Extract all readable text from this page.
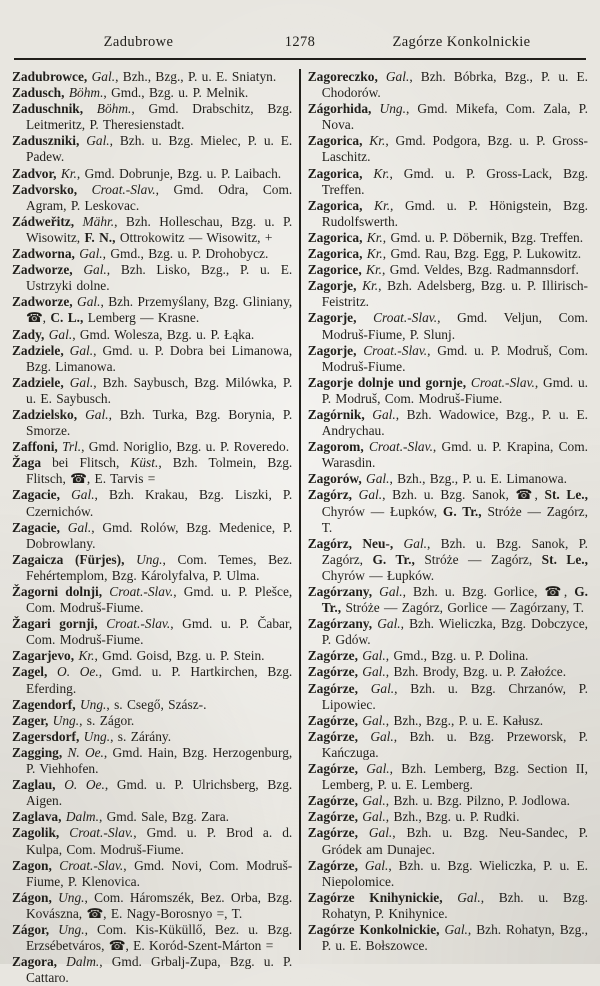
Zadubrowe	1278	Zagórze Konkolnickie
Zadubrowce, Gal., Bzh., Bzg., P. u. E. Sniatyn.
Zadusch, Böhm., Gmd., Bzg. u. P. Melnik.
Zaduschnik, Böhm., Gmd. Drabschitz, Bzg. Leitmeritz, P. Theresienstadt.
Zaduszniki, Gal., Bzh. u. Bzg. Mielec, P. u. E. Padew.
Zadvor, Kr., Gmd. Dobrunje, Bzg. u. P. Laibach.
Zadvorsko, Croat.-Slav., Gmd. Odra, Com. Agram, P. Leskovac.
Zádweřitz, Mähr., Bzh. Holleschau, Bzg. u. P. Wisowitz, F. N., Ottrokowitz — Wisowitz, +
Zadworna, Gal., Gmd., Bzg. u. P. Drohobycz.
Zadworze, Gal., Bzh. Lisko, Bzg., P. u. E. Ustrzyki dolne.
Zadworze, Gal., Bzh. Przemyślany, Bzg. Gliniany, ☎, C. L., Lemberg — Krasne.
Zady, Gal., Gmd. Wolesza, Bzg. u. P. Łąka.
Zadziele, Gal., Gmd. u. P. Dobra bei Limanowa, Bzg. Limanowa.
Zadziele, Gal., Bzh. Saybusch, Bzg. Milówka, P. u. E. Saybusch.
Zadzielsko, Gal., Bzh. Turka, Bzg. Borynia, P. Smorze.
Zaffoni, Trl., Gmd. Noriglio, Bzg. u. P. Roveredo.
Žaga bei Flitsch, Küst., Bzh. Tolmein, Bzg. Flitsch, ☎, E. Tarvis =
Zagacie, Gal., Bzh. Krakau, Bzg. Liszki, P. Czernichów.
Zagacie, Gal., Gmd. Rolów, Bzg. Medenice, P. Dobrowlany.
Zagaicza (Fürjes), Ung., Com. Temes, Bez. Fehértemplom, Bzg. Károlyfalva, P. Ulma.
Žagorni dolnji, Croat.-Slav., Gmd. u. P. Plešce, Com. Modruš-Fiume.
Žagari gornji, Croat.-Slav., Gmd. u. P. Čabar, Com. Modruš-Fiume.
Zagarjevo, Kr., Gmd. Goisd, Bzg. u. P. Stein.
Zagel, O. Oe., Gmd. u. P. Hartkirchen, Bzg. Eferding.
Zagendorf, Ung., s. Csegő, Szász-.
Zager, Ung., s. Zágor.
Zagersdorf, Ung., s. Zárány.
Zagging, N. Oe., Gmd. Hain, Bzg. Herzogenburg, P. Viehhofen.
Zaglau, O. Oe., Gmd. u. P. Ulrichsberg, Bzg. Aigen.
Zaglava, Dalm., Gmd. Sale, Bzg. Zara.
Zagolik, Croat.-Slav., Gmd. u. P. Brod a. d. Kulpa, Com. Modruš-Fiume.
Zagon, Croat.-Slav., Gmd. Novi, Com. Modruš-Fiume, P. Klenovica.
Zágon, Ung., Com. Háromszék, Bez. Orba, Bzg. Kovászna, ☎, E. Nagy-Borosnyo =, T.
Zágor, Ung., Com. Kis-Küküllő, Bez. u. Bzg. Erzsébetváros, ☎, E. Koród-Szent-Márton =
Zagora, Dalm., Gmd. Grbalj-Zupa, Bzg. u. P. Cattaro.
Zagoreczko, Gal., Bzh. Bóbrka, Bzg., P. u. E. Chodorów.
Zágorhida, Ung., Gmd. Mikefa, Com. Zala, P. Nova.
Zagorica, Kr., Gmd. Podgora, Bzg. u. P. Gross-Laschitz.
Zagorica, Kr., Gmd. u. P. Gross-Lack, Bzg. Treffen.
Zagorica, Kr., Gmd. u. P. Hönigstein, Bzg. Rudolfswerth.
Zagorica, Kr., Gmd. u. P. Döbernik, Bzg. Treffen.
Zagorica, Kr., Gmd. Rau, Bzg. Egg, P. Lukowitz.
Zagorice, Kr., Gmd. Veldes, Bzg. Radmannsdorf.
Zagorje, Kr., Bzh. Adelsberg, Bzg. u. P. Illirisch-Feistritz.
Zagorje, Croat.-Slav., Gmd. Veljun, Com. Modruš-Fiume, P. Slunj.
Zagorje, Croat.-Slav., Gmd. u. P. Modruš, Com. Modruš-Fiume.
Zagorje dolnje und gornje, Croat.-Slav., Gmd. u. P. Modruš, Com. Modruš-Fiume.
Zagórnik, Gal., Bzh. Wadowice, Bzg., P. u. E. Andrychau.
Zagorom, Croat.-Slav., Gmd. u. P. Krapina, Com. Warasdin.
Zagorów, Gal., Bzh., Bzg., P. u. E. Limanowa.
Zagórz, Gal., Bzh. u. Bzg. Sanok, ☎, St. Le., Chyrów — Łupków, G. Tr., Stróże — Zagórz, T.
Zagórz, Neu-, Gal., Bzh. u. Bzg. Sanok, P. Zagórz, G. Tr., Stróże — Zagórz, St. Le., Chyrów — Łupków.
Zagórzany, Gal., Bzh. u. Bzg. Gorlice, ☎, G. Tr., Stróże — Zagórz, Gorlice — Zagórzany, T.
Zagórzany, Gal., Bzh. Wieliczka, Bzg. Dobczyce, P. Gdów.
Zagórze, Gal., Gmd., Bzg. u. P. Dolina.
Zagórze, Gal., Bzh. Brody, Bzg. u. P. Załoźce.
Zagórze, Gal., Bzh. u. Bzg. Chrzanów, P. Lipowiec.
Zagórze, Gal., Bzh., Bzg., P. u. E. Kałusz.
Zagórze, Gal., Bzh. u. Bzg. Przeworsk, P. Kańczuga.
Zagórze, Gal., Bzh. Lemberg, Bzg. Section II, Lemberg, P. u. E. Lemberg.
Zagórze, Gal., Bzh. u. Bzg. Pilzno, P. Jodlowa.
Zagórze, Gal., Bzh., Bzg. u. P. Rudki.
Zagórze, Gal., Bzh. u. Bzg. Neu-Sandec, P. Gródek am Dunajec.
Zagórze, Gal., Bzh. u. Bzg. Wieliczka, P. u. E. Niepolomice.
Zagórze Knihynickie, Gal., Bzh. u. Bzg. Rohatyn, P. Knihynice.
Zagórze Konkolnickie, Gal., Bzh. Rohatyn, Bzg., P. u. E. Bołszowce.
